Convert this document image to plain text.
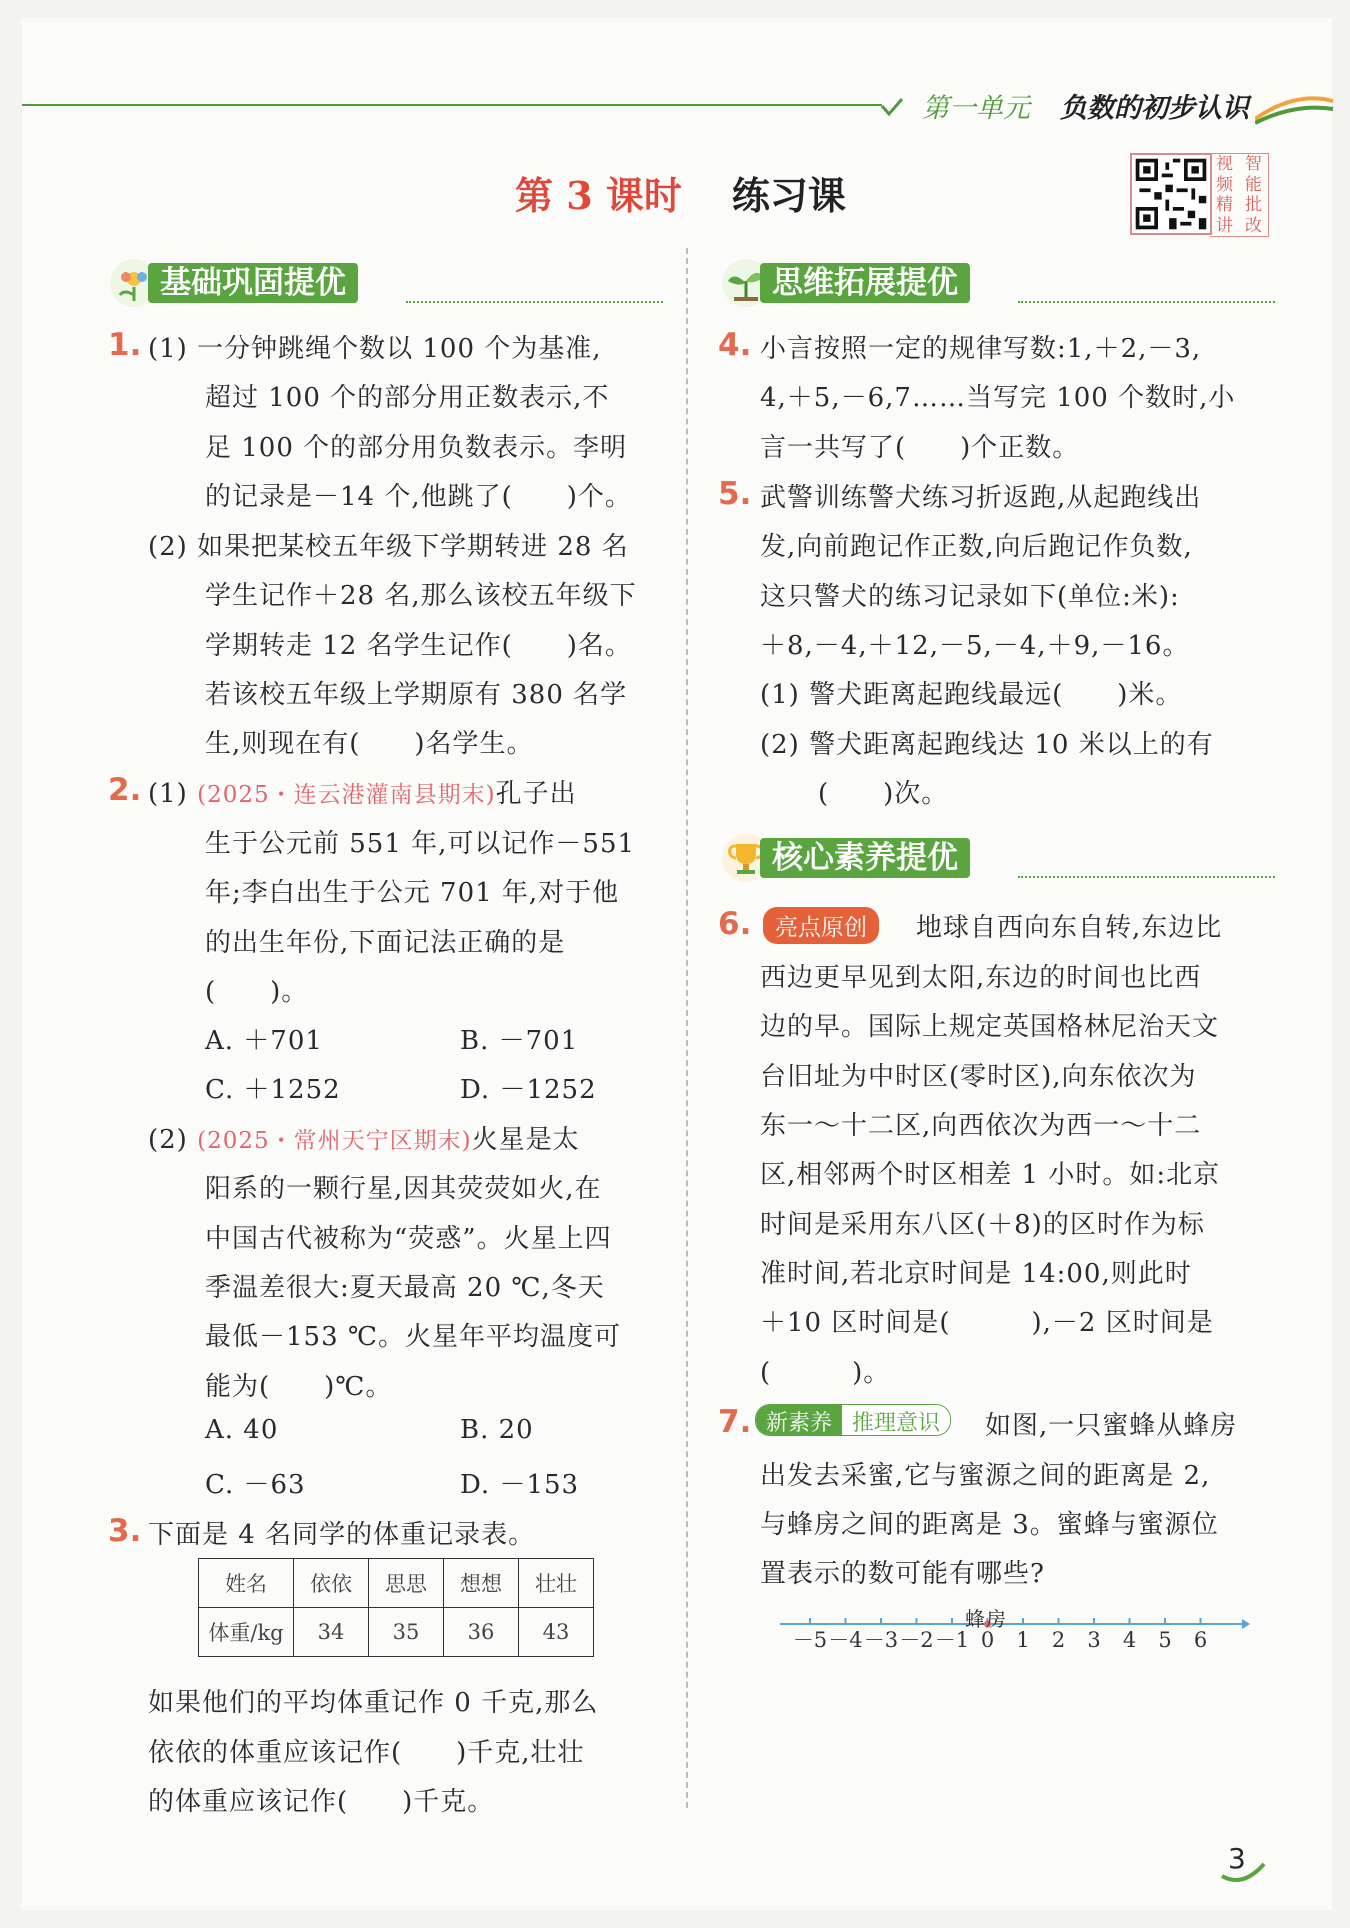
第一单元 负数的初步认识
第 3 课时 练习课
视 智
频 能
精 批
讲 改
基础巩固提优	思维拓展提优
核心素养提优
1. (1) 一分钟跳绳个数以 100 个为基准,
超过 100 个的部分用正数表示,不
足 100 个的部分用负数表示。李明
的记录是－14 个,他跳了(　　)个。
(2) 如果把某校五年级下学期转进 28 名
学生记作＋28 名,那么该校五年级下
学期转走 12 名学生记作(　　)名。
若该校五年级上学期原有 380 名学
生,则现在有(　　)名学生。
2. (1) (2025・连云港灌南县期末)孔子出
生于公元前 551 年,可以记作－551
年;李白出生于公元 701 年,对于他
的出生年份,下面记法正确的是
(　　)。
A. ＋701	B. －701
C. ＋1252	D. －1252
(2) (2025・常州天宁区期末)火星是太
阳系的一颗行星,因其荧荧如火,在
中国古代被称为“荧惑”。火星上四
季温差很大:夏天最高 20 ℃,冬天
最低－153 ℃。火星年平均温度可
能为(　　)℃。
A. 40	B. 20
C. －63	D. －153
3. 下面是 4 名同学的体重记录表。
姓名	依依	思思	想想	壮壮
体重/kg	34	35	36	43
如果他们的平均体重记作 0 千克,那么
依依的体重应该记作(　　)千克,壮壮
的体重应该记作(　　)千克。
4. 小言按照一定的规律写数:1,＋2,－3,
4,＋5,－6,7……当写完 100 个数时,小
言一共写了(　　)个正数。
5. 武警训练警犬练习折返跑,从起跑线出
发,向前跑记作正数,向后跑记作负数,
这只警犬的练习记录如下(单位:米):
＋8,－4,＋12,－5,－4,＋9,－16。
(1) 警犬距离起跑线最远(　　)米。
(2) 警犬距离起跑线达 10 米以上的有
(　　)次。
6.	亮点原创	地球自西向东自转,东边比
西边更早见到太阳,东边的时间也比西
边的早。国际上规定英国格林尼治天文
台旧址为中时区(零时区),向东依次为
东一～十二区,向西依次为西一～十二
区,相邻两个时区相差 1 小时。如:北京
时间是采用东八区(＋8)的区时作为标
准时间,若北京时间是 14:00,则此时
＋10 区时间是(　　　),－2 区时间是
(　　　)。
7. 新素养 推理意识	如图,一只蜜蜂从蜂房
出发去采蜜,它与蜜源之间的距离是 2,
与蜂房之间的距离是 3。蜜蜂与蜜源位
置表示的数可能有哪些?
－5 －4 －3 －2 －1 0 1 2 3 4 5 6
蜂房
3
